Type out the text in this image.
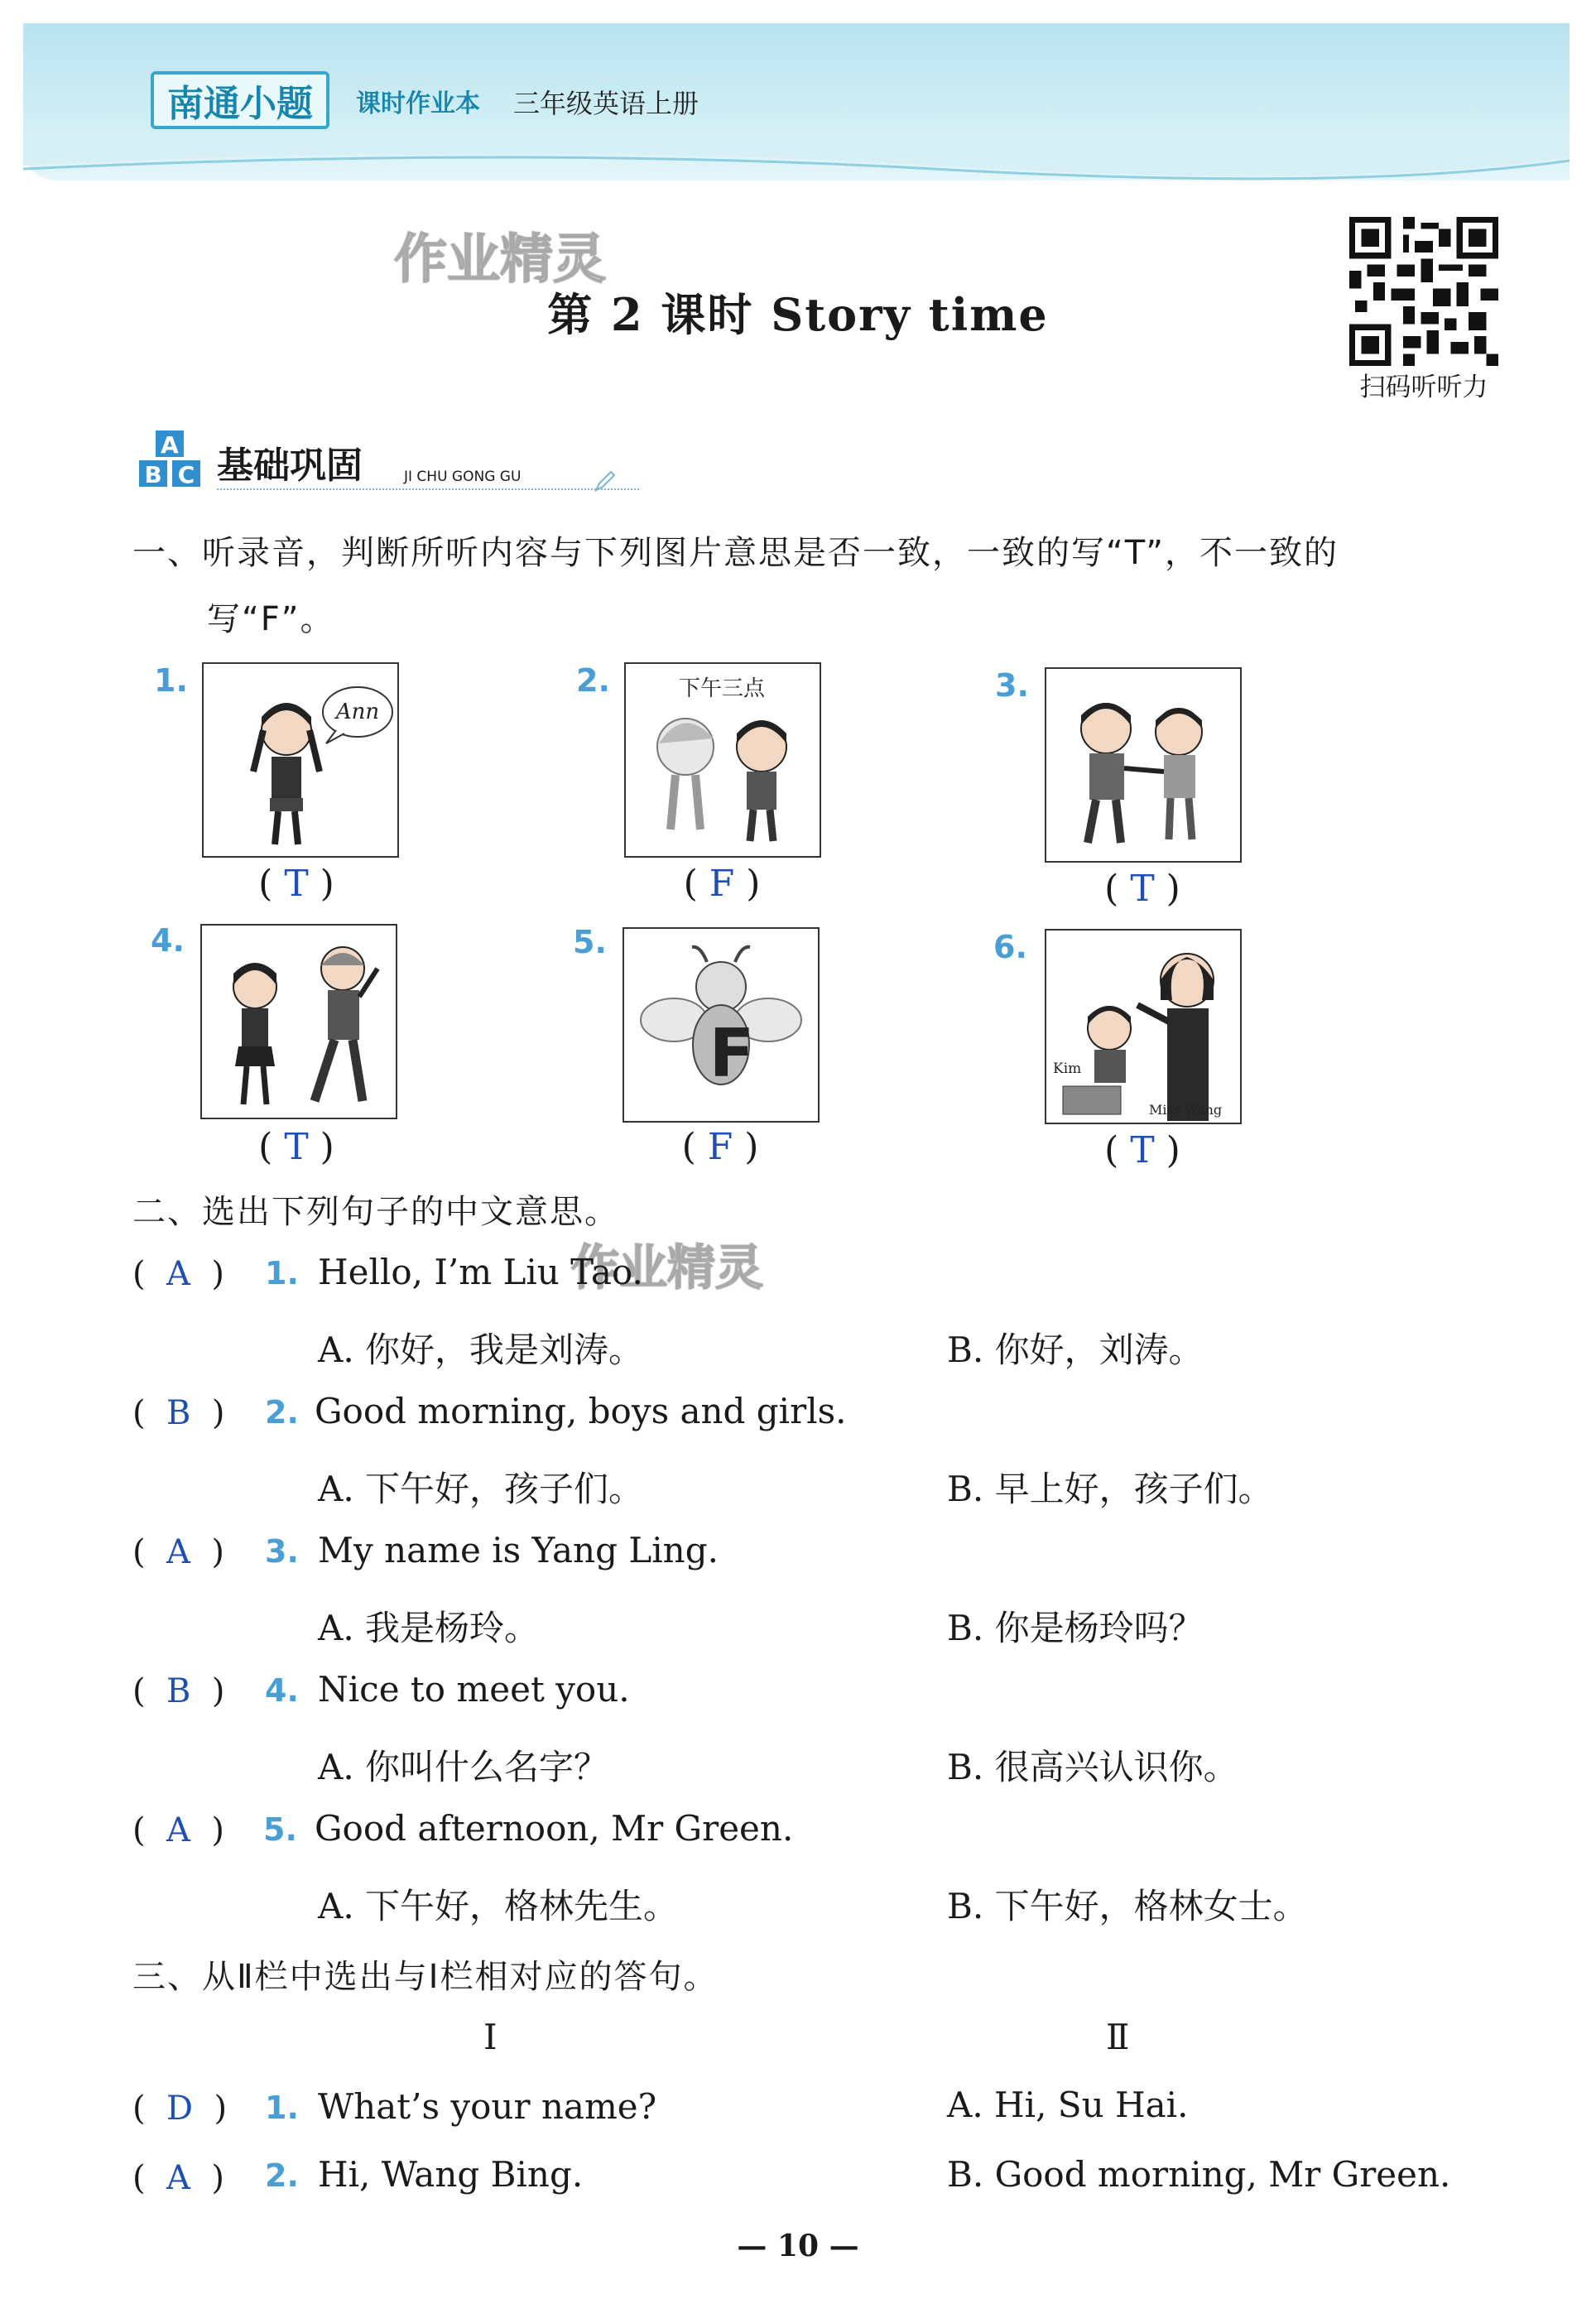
南通小题	课时作业本 三年级英语上册
作业精灵
作业精灵
第 2 课时 Story time
扫码听听力
A
B C 基础巩固	JI CHU GONG GU
一、听录音，判断所听内容与下列图片意思是否一致，一致的写“T”，不一致的
写“F”。
1.
Ann
( T )
2.	下午三点
( F )
3.
( T )
4.
( T )
5.
F
( F )
6.
Kim
Miss Wang
( T )
二、选出下列句子的中文意思。
(  A  ) 1. Hello, I’m Liu Tao.
A. 你好，我是刘涛。	B. 你好，刘涛。
(  B  ) 2. Good morning, boys and girls.
A. 下午好，孩子们。	B. 早上好，孩子们。
(  A  ) 3. My name is Yang Ling.
A. 我是杨玲。	B. 你是杨玲吗？
(  B  ) 4. Nice to meet you.
A. 你叫什么名字？	B. 很高兴认识你。
(  A  ) 5. Good afternoon, Mr Green.
A. 下午好，格林先生。	B. 下午好，格林女士。
三、从Ⅱ栏中选出与Ⅰ栏相对应的答句。
Ⅰ	Ⅱ
(  D  ) 1. What’s your name?	A. Hi, Su Hai.
(  A  ) 2. Hi, Wang Bing.	B. Good morning, Mr Green.
— 10 —
